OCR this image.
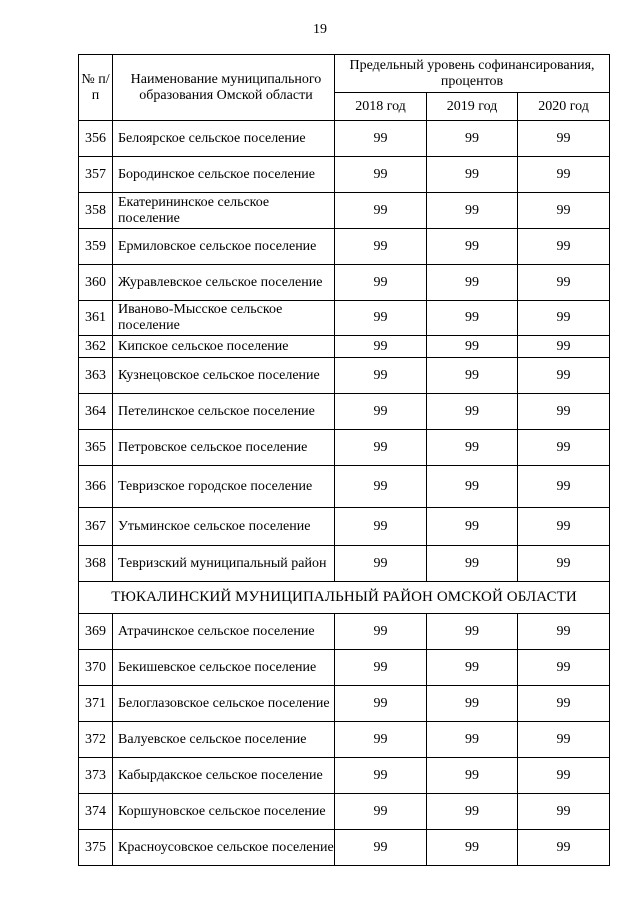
19
№ п/п	Наименование муниципального образования Омской области	Предельный уровень софинансирования, процентов		
		2018 год	2019 год	2020 год
356	Белоярское сельское поселение	99	99	99
357	Бородинское сельское поселение	99	99	99
358	Екатерининское сельское поселение	99	99	99
359	Ермиловское сельское поселение	99	99	99
360	Журавлевское сельское поселение	99	99	99
361	Иваново-Мысское сельское поселение	99	99	99
362	Кипское сельское поселение	99	99	99
363	Кузнецовское сельское поселение	99	99	99
364	Петелинское сельское поселение	99	99	99
365	Петровское сельское поселение	99	99	99
366	Тевризское городское поселение	99	99	99
367	Утьминское сельское поселение	99	99	99
368	Тевризский муниципальный район	99	99	99
ТЮКАЛИНСКИЙ МУНИЦИПАЛЬНЫЙ РАЙОН ОМСКОЙ ОБЛАСТИ				
369	Атрачинское сельское поселение	99	99	99
370	Бекишевское сельское поселение	99	99	99
371	Белоглазовское сельское поселение	99	99	99
372	Валуевское сельское поселение	99	99	99
373	Кабырдакское сельское поселение	99	99	99
374	Коршуновское сельское поселение	99	99	99
375	Красноусовское сельское поселение	99	99	99
